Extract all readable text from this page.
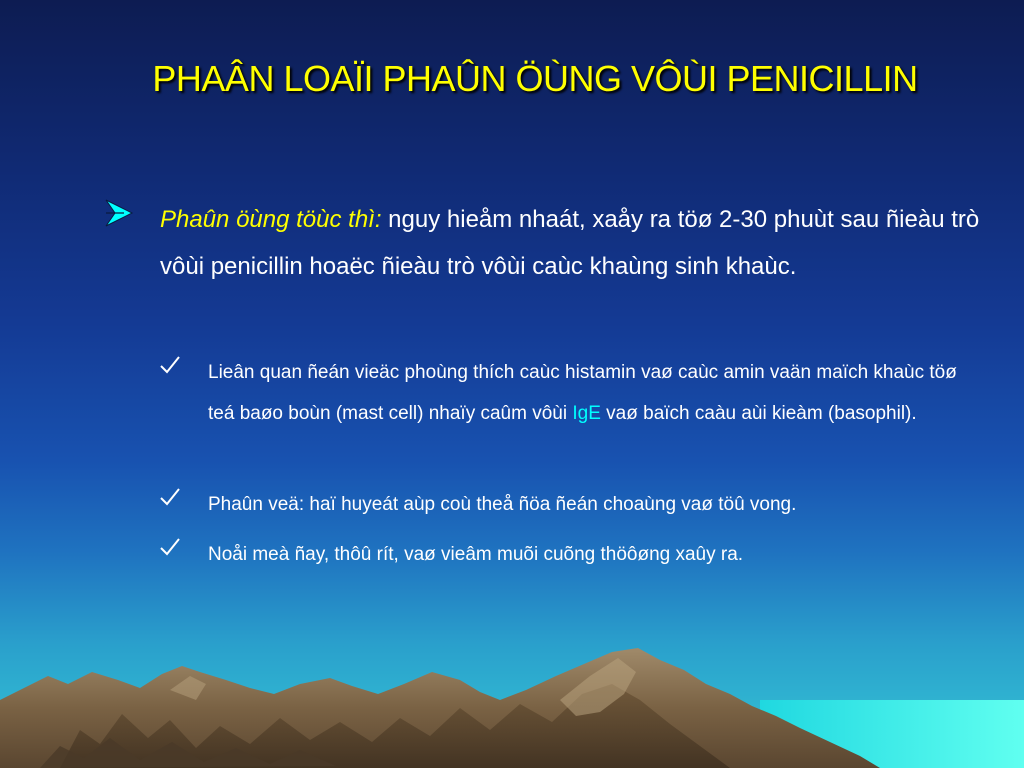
PHAÂN LOAÏI PHAÛN ÖÙNG VÔÙI PENICILLIN
Phaûn öùng töùc thì: nguy hieåm nhaát, xaåy ra töø 2-30 phuùt sau ñieàu trò vôùi penicillin hoaëc ñieàu trò vôùi caùc khaùng sinh khaùc.
Lieân quan ñeán vieäc phoùng thích caùc histamin vaø caùc amin vaän maïch khaùc töø teá baøo boùn (mast cell) nhaïy caûm vôùi IgE vaø baïch caàu aùi kieàm (basophil).
Phaûn veä: haï huyeát aùp coù theå ñöa ñeán choaùng vaø töû vong.
Noåi meà ñay, thôû rít, vaø vieâm muõi cuõng thöôøng xaûy ra.
